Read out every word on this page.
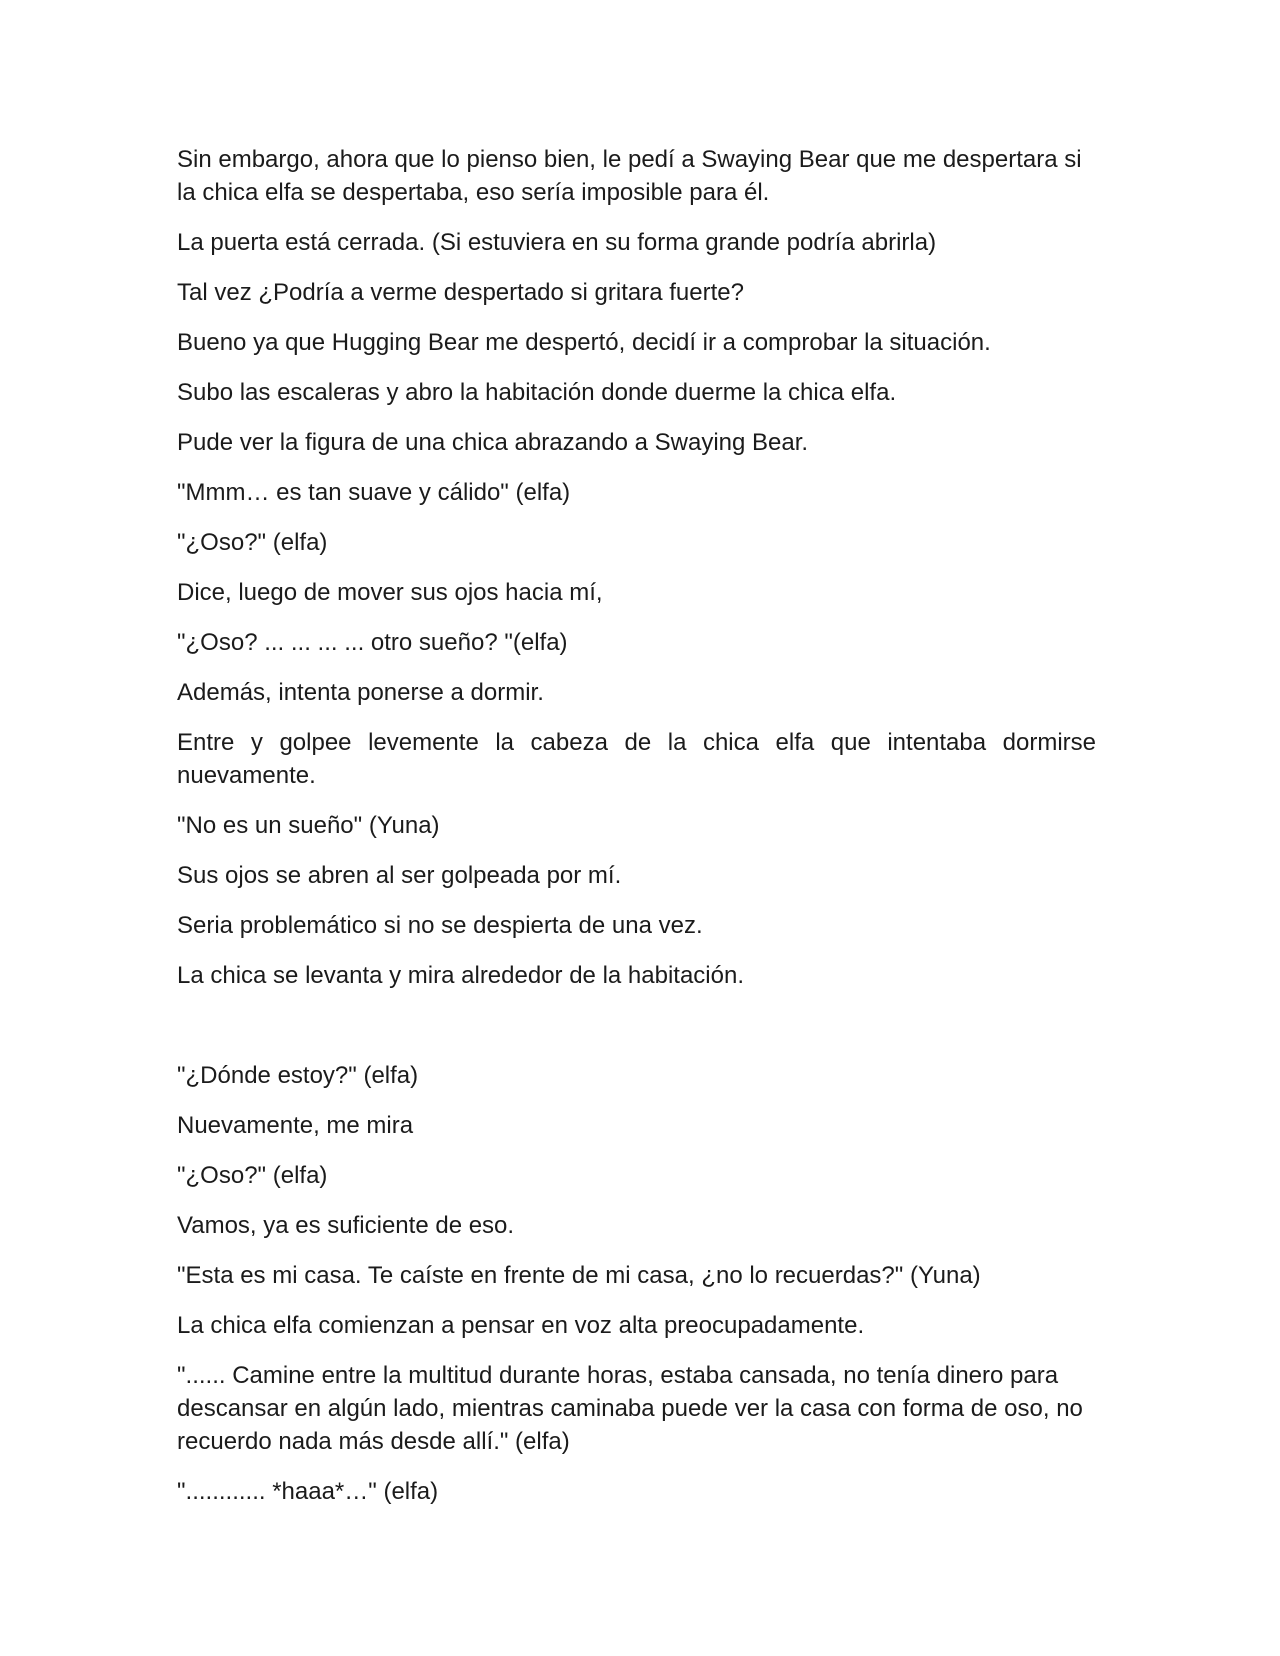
Sin embargo, ahora que lo pienso bien, le pedí a Swaying Bear que me despertara si la chica elfa se despertaba, eso sería imposible para él.

La puerta está cerrada. (Si estuviera en su forma grande podría abrirla)

Tal vez ¿Podría a verme despertado si gritara fuerte?

Bueno ya que Hugging Bear me despertó, decidí ir a comprobar la situación.

Subo las escaleras y abro la habitación donde duerme la chica elfa.

Pude ver la figura de una chica abrazando a Swaying Bear.

"Mmm… es tan suave y cálido" (elfa)

"¿Oso?" (elfa)

Dice, luego de mover sus ojos hacia mí,

"¿Oso? ... ... ... ... otro sueño? "(elfa)

Además, intenta ponerse a dormir.

Entre y golpee levemente la cabeza de la chica elfa que intentaba dormirse nuevamente.

"No es un sueño" (Yuna)

Sus ojos se abren al ser golpeada por mí.

Seria problemático si no se despierta de una vez.

La chica se levanta y mira alrededor de la habitación.

"¿Dónde estoy?" (elfa)

Nuevamente, me mira

"¿Oso?" (elfa)

Vamos, ya es suficiente de eso.

"Esta es mi casa. Te caíste en frente de mi casa, ¿no lo recuerdas?" (Yuna)

La chica elfa comienzan a pensar en voz alta preocupadamente.

"...... Camine entre la multitud durante horas, estaba cansada, no tenía dinero para descansar en algún lado, mientras caminaba puede ver la casa con forma de oso, no recuerdo nada más desde allí." (elfa)

"............ *haaa*…" (elfa)
